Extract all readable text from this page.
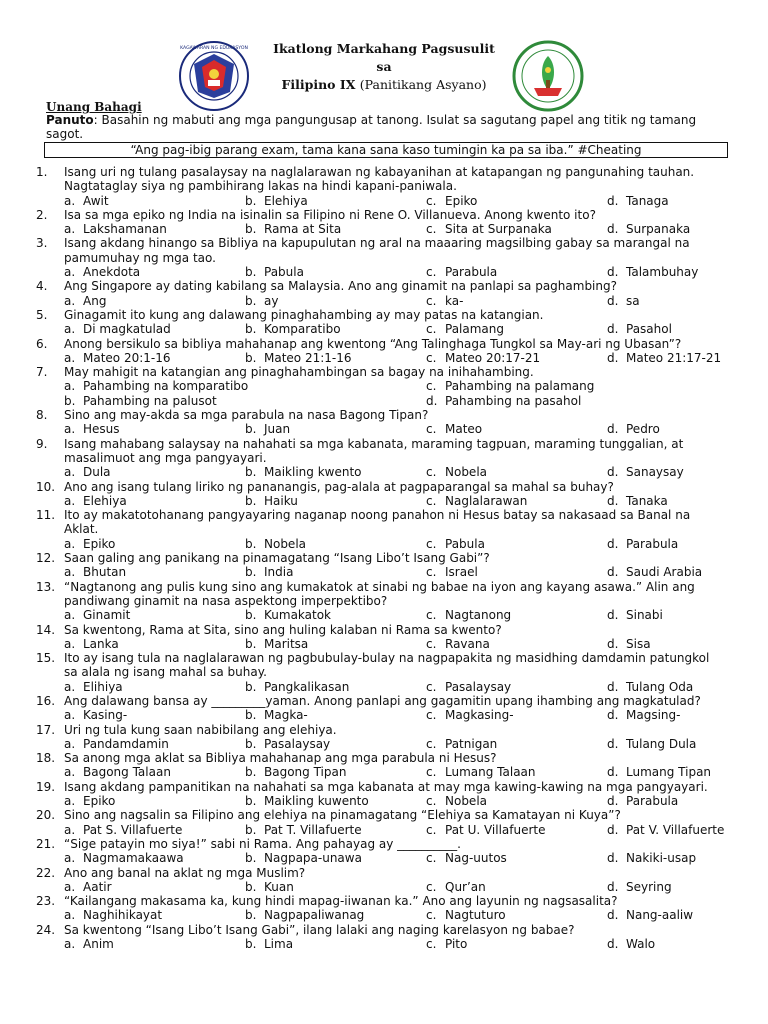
KAGAWARAN NG EDUKASYON	Ikatlong Markahang Pagsusulit
sa
Filipino IX (Panitikang Asyano)
Unang Bahagi
Panuto: Basahin ng mabuti ang mga pangungusap at tanong. Isulat sa sagutang papel ang titik ng tamang sagot.
“Ang pag-ibig parang exam, tama kana sana kaso tumingin ka pa sa iba.” #Cheating
1.	Isang uri ng tulang pasalaysay na naglalarawan ng kabayanihan at katapangan ng pangunahing tauhan. Nagtataglay siya ng pambihirang lakas na hindi kapani-paniwala.
a. Awit	b. Elehiya	c. Epiko	d. Tanaga
2.	Isa sa mga epiko ng India na isinalin sa Filipino ni Rene O. Villanueva. Anong kwento ito?
a. Lakshamanan	b. Rama at Sita	c. Sita at Surpanaka	d. Surpanaka
3.	Isang akdang hinango sa Bibliya na kapupulutan ng aral na maaaring magsilbing gabay sa marangal na pamumuhay ng mga tao.
a. Anekdota	b. Pabula	c. Parabula	d. Talambuhay
4.	Ang Singapore ay dating kabilang sa Malaysia. Ano ang ginamit na panlapi sa paghambing?
a. Ang	b. ay	c. ka-	d. sa
5.	Ginagamit ito kung ang dalawang pinaghahambing ay may patas na katangian.
a. Di magkatulad	b. Komparatibo	c. Palamang	d. Pasahol
6.	Anong bersikulo sa bibliya mahahanap ang kwentong “Ang Talinghaga Tungkol sa May-ari ng Ubasan”?
a. Mateo 20:1-16	b. Mateo 21:1-16	c. Mateo 20:17-21	d. Mateo 21:17-21
7.	May mahigit na katangian ang pinaghahambingan sa bagay na inihahambing.
a. Pahambing na komparatibo	c. Pahambing na palamang
b. Pahambing na palusot	d. Pahambing na pasahol
8.	Sino ang may-akda sa mga parabula na nasa Bagong Tipan?
a. Hesus	b. Juan	c. Mateo	d. Pedro
9.	Isang mahabang salaysay na nahahati sa mga kabanata, maraming tagpuan, maraming tunggalian, at masalimuot ang mga pangyayari.
a. Dula	b. Maikling kwento	c. Nobela	d. Sanaysay
10. Ano ang isang tulang liriko ng pananangis, pag-alala at pagpaparangal sa mahal sa buhay?
a. Elehiya	b. Haiku	c. Naglalarawan	d. Tanaka
11. Ito ay makatotohanang pangyayaring naganap noong panahon ni Hesus batay sa nakasaad sa Banal na Aklat.
a. Epiko	b. Nobela	c. Pabula	d. Parabula
12. Saan galing ang panikang na pinamagatang “Isang Libo’t Isang Gabi”?
a. Bhutan	b. India	c. Israel	d. Saudi Arabia
13. “Nagtanong ang pulis kung sino ang kumakatok at sinabi ng babae na iyon ang kayang asawa.” Alin ang pandiwang ginamit na nasa aspektong imperpektibo?
a. Ginamit	b. Kumakatok	c. Nagtanong	d. Sinabi
14. Sa kwentong, Rama at Sita, sino ang huling kalaban ni Rama sa kwento?
a. Lanka	b. Maritsa	c. Ravana	d. Sisa
15. Ito ay isang tula na naglalarawan ng pagbubulay-bulay na nagpapakita ng masidhing damdamin patungkol sa alala ng isang mahal sa buhay.
a. Elihiya	b. Pangkalikasan	c. Pasalaysay	d. Tulang Oda
16. Ang dalawang bansa ay _________yaman. Anong panlapi ang gagamitin upang ihambing ang magkatulad?
a. Kasing-	b. Magka-	c. Magkasing-	d. Magsing-
17. Uri ng tula kung saan nabibilang ang elehiya.
a. Pandamdamin	b. Pasalaysay	c. Patnigan	d. Tulang Dula
18. Sa anong mga aklat sa Bibliya mahahanap ang mga parabula ni Hesus?
a. Bagong Talaan	b. Bagong Tipan	c. Lumang Talaan	d. Lumang Tipan
19. Isang akdang pampanitikan na nahahati sa mga kabanata at may mga kawing-kawing na mga pangyayari.
a. Epiko	b. Maikling kuwento	c. Nobela	d. Parabula
20. Sino ang nagsalin sa Filipino ang elehiya na pinamagatang “Elehiya sa Kamatayan ni Kuya”?
a. Pat S. Villafuerte	b. Pat T. Villafuerte	c. Pat U. Villafuerte	d. Pat V. Villafuerte
21. “Sige patayin mo siya!” sabi ni Rama. Ang pahayag ay __________.
a. Nagmamakaawa	b. Nagpapa-unawa	c. Nag-uutos	d. Nakiki-usap
22. Ano ang banal na aklat ng mga Muslim?
a. Aatir	b. Kuan	c. Qur’an	d. Seyring
23. “Kailangang makasama ka, kung hindi mapag-iiwanan ka.” Ano ang layunin ng nagsasalita?
a. Naghihikayat	b. Nagpapaliwanag	c. Nagtuturo	d. Nang-aaliw
24. Sa kwentong “Isang Libo’t Isang Gabi”, ilang lalaki ang naging karelasyon ng babae?
a. Anim	b. Lima	c. Pito	d. Walo
